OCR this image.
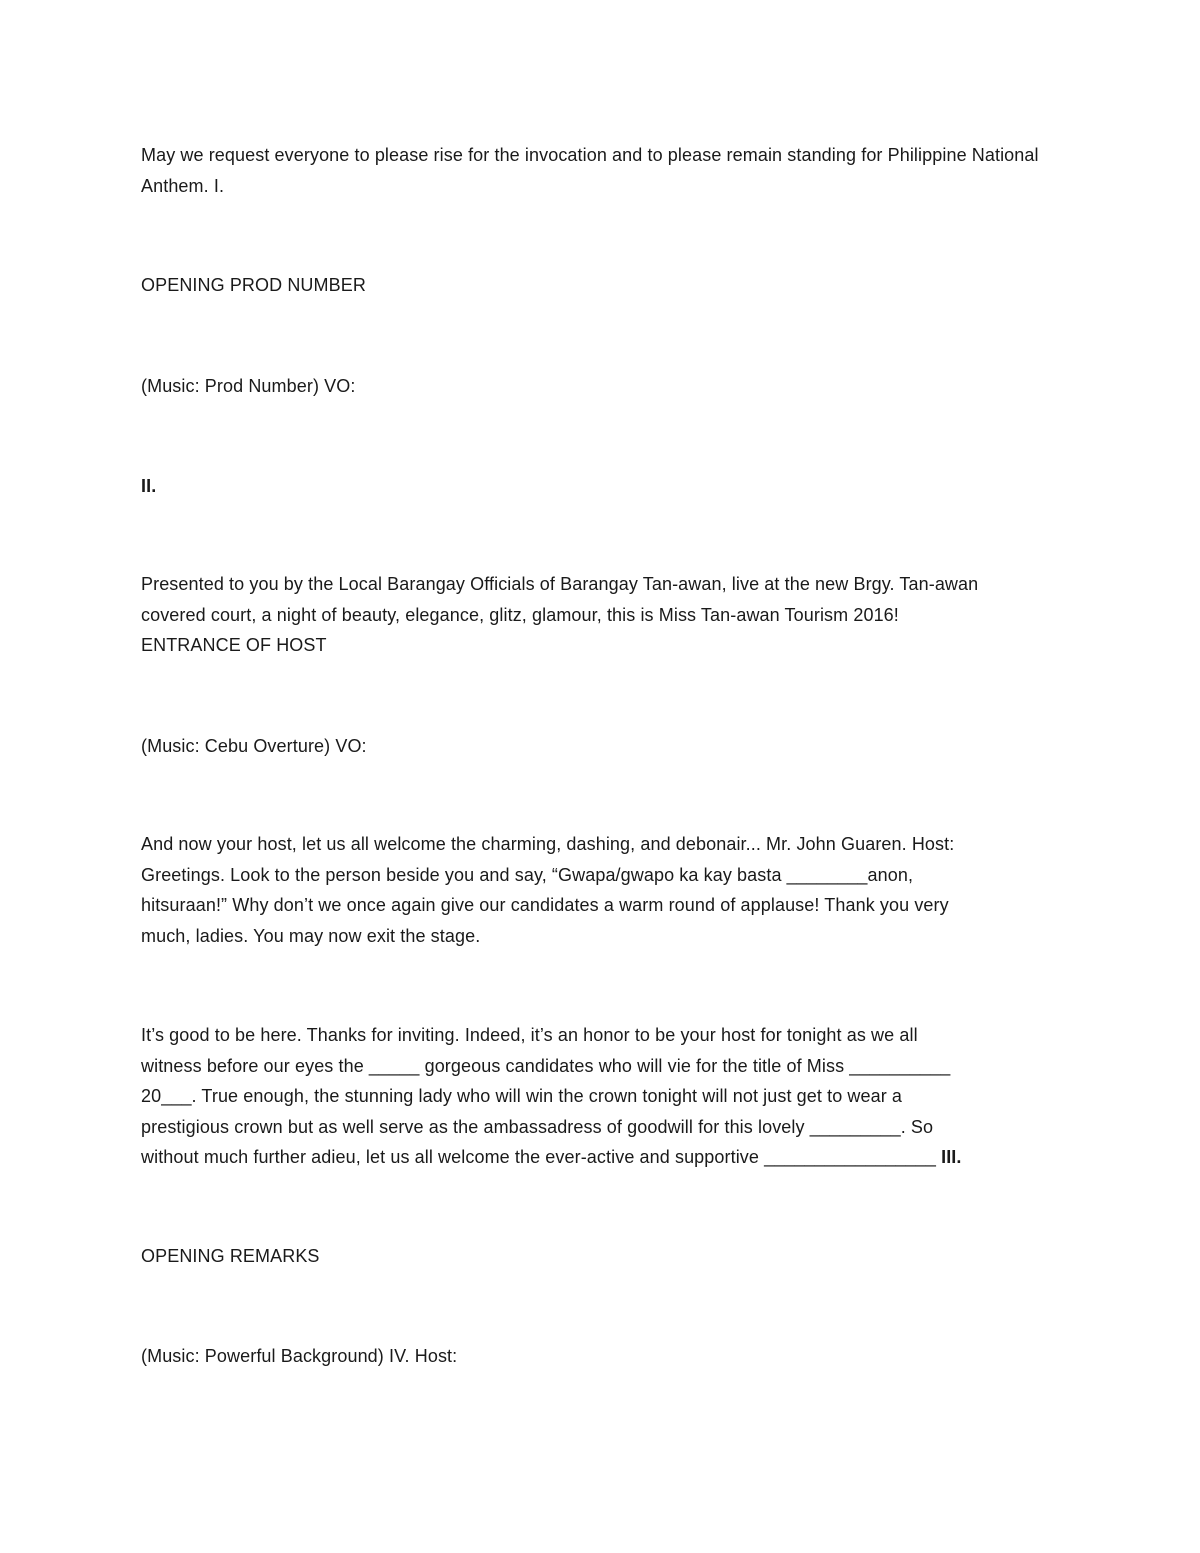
May we request everyone to please rise for the invocation and to please remain standing for Philippine National Anthem. I.

OPENING PROD NUMBER

(Music: Prod Number) VO:

II.

Presented to you by the Local Barangay Officials of Barangay Tan-awan, live at the new Brgy. Tan-awan
covered court, a night of beauty, elegance, glitz, glamour, this is Miss Tan-awan Tourism 2016!
ENTRANCE OF HOST

(Music: Cebu Overture) VO:

And now your host, let us all welcome the charming, dashing, and debonair... Mr. John Guaren. Host:
Greetings. Look to the person beside you and say, “Gwapa/gwapo ka kay basta ________anon,
hitsuraan!” Why don’t we once again give our candidates a warm round of applause! Thank you very
much, ladies. You may now exit the stage.

It’s good to be here. Thanks for inviting. Indeed, it’s an honor to be your host for tonight as we all
witness before our eyes the _____ gorgeous candidates who will vie for the title of Miss __________
20___. True enough, the stunning lady who will win the crown tonight will not just get to wear a
prestigious crown but as well serve as the ambassadress of goodwill for this lovely _________. So
without much further adieu, let us all welcome the ever-active and supportive _________________ III.

OPENING REMARKS

(Music: Powerful Background) IV. Host:
